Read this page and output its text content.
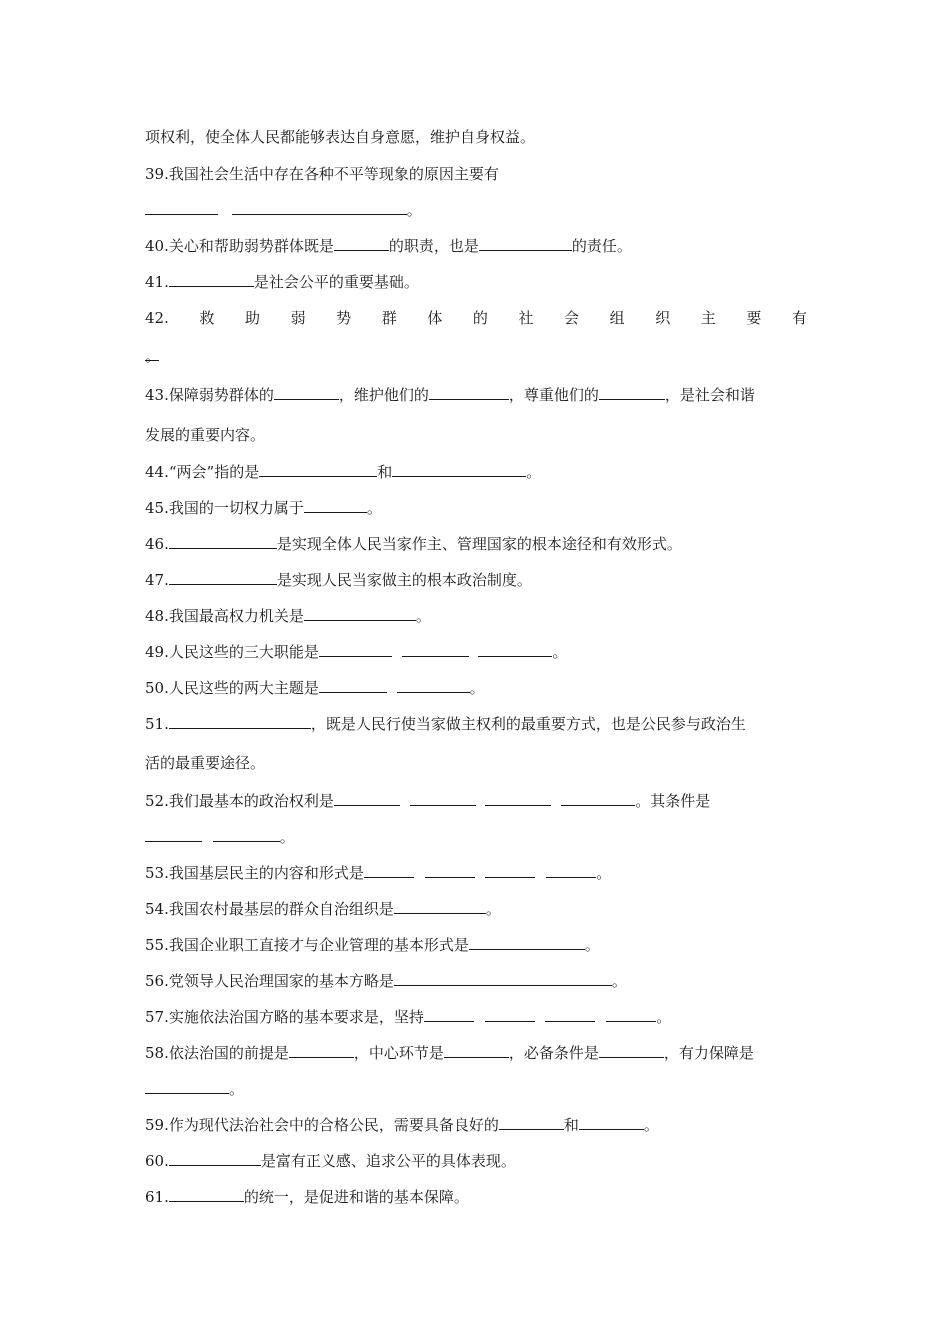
项权利，使全体人民都能够表达自身意愿，维护自身权益。
39.我国社会生活中存在各种不平等现象的原因主要有
。
40.关心和帮助弱势群体既是	的职责，也是	的责任。
41.	是社会公平的重要基础。
42. 救 助 弱 势 群 体 的 社 会 组 织 主 要 有
。
43.保障弱势群体的	，维护他们的	，尊重他们的	，是社会和谐
发展的重要内容。
44.“两会”指的是	和	。
45.我国的一切权力属于	。
46.	是实现全体人民当家作主、管理国家的根本途径和有效形式。
47.	是实现人民当家做主的根本政治制度。
48.我国最高权力机关是	。
49.人民这些的三大职能是	。
50.人民这些的两大主题是	。
51.	，既是人民行使当家做主权利的最重要方式，也是公民参与政治生
活的最重要途径。
52.我们最基本的政治权利是	。其条件是
。
53.我国基层民主的内容和形式是	。
54.我国农村最基层的群众自治组织是	。
55.我国企业职工直接才与企业管理的基本形式是	。
56.党领导人民治理国家的基本方略是	。
57.实施依法治国方略的基本要求是，坚持	。
58.依法治国的前提是	，中心环节是	，必备条件是	，有力保障是
。
59.作为现代法治社会中的合格公民，需要具备良好的	和	。
60.	是富有正义感、追求公平的具体表现。
61.	的统一，是促进和谐的基本保障。
